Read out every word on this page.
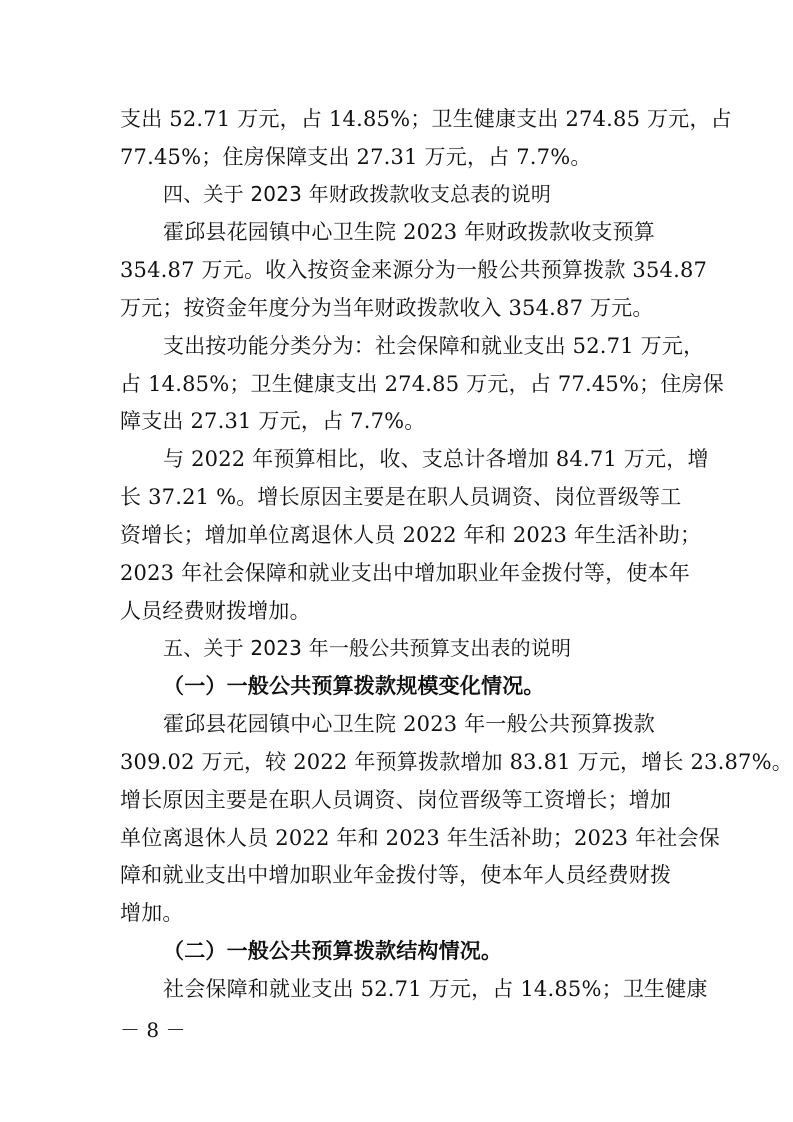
支出 52.71 万元，占 14.85%；卫生健康支出 274.85 万元，占
77.45%；住房保障支出 27.31 万元，占 7.7%。
四、关于 2023 年财政拨款收支总表的说明
霍邱县花园镇中心卫生院 2023 年财政拨款收支预算
354.87 万元。收入按资金来源分为一般公共预算拨款 354.87
万元；按资金年度分为当年财政拨款收入 354.87 万元。
支出按功能分类分为：社会保障和就业支出 52.71 万元，
占 14.85%；卫生健康支出 274.85 万元，占 77.45%；住房保
障支出 27.31 万元，占 7.7%。
与 2022 年预算相比，收、支总计各增加 84.71 万元，增
长 37.21 %。增长原因主要是在职人员调资、岗位晋级等工
资增长；增加单位离退休人员 2022 年和 2023 年生活补助；
2023 年社会保障和就业支出中增加职业年金拨付等，使本年
人员经费财拨增加。
五、关于 2023 年一般公共预算支出表的说明
（一）一般公共预算拨款规模变化情况。
霍邱县花园镇中心卫生院 2023 年一般公共预算拨款
309.02 万元，较 2022 年预算拨款增加 83.81 万元，增长 23.87%。
增长原因主要是在职人员调资、岗位晋级等工资增长；增加
单位离退休人员 2022 年和 2023 年生活补助；2023 年社会保
障和就业支出中增加职业年金拨付等，使本年人员经费财拨
增加。
（二）一般公共预算拨款结构情况。
社会保障和就业支出 52.71 万元，占 14.85%；卫生健康
－ 8 －
